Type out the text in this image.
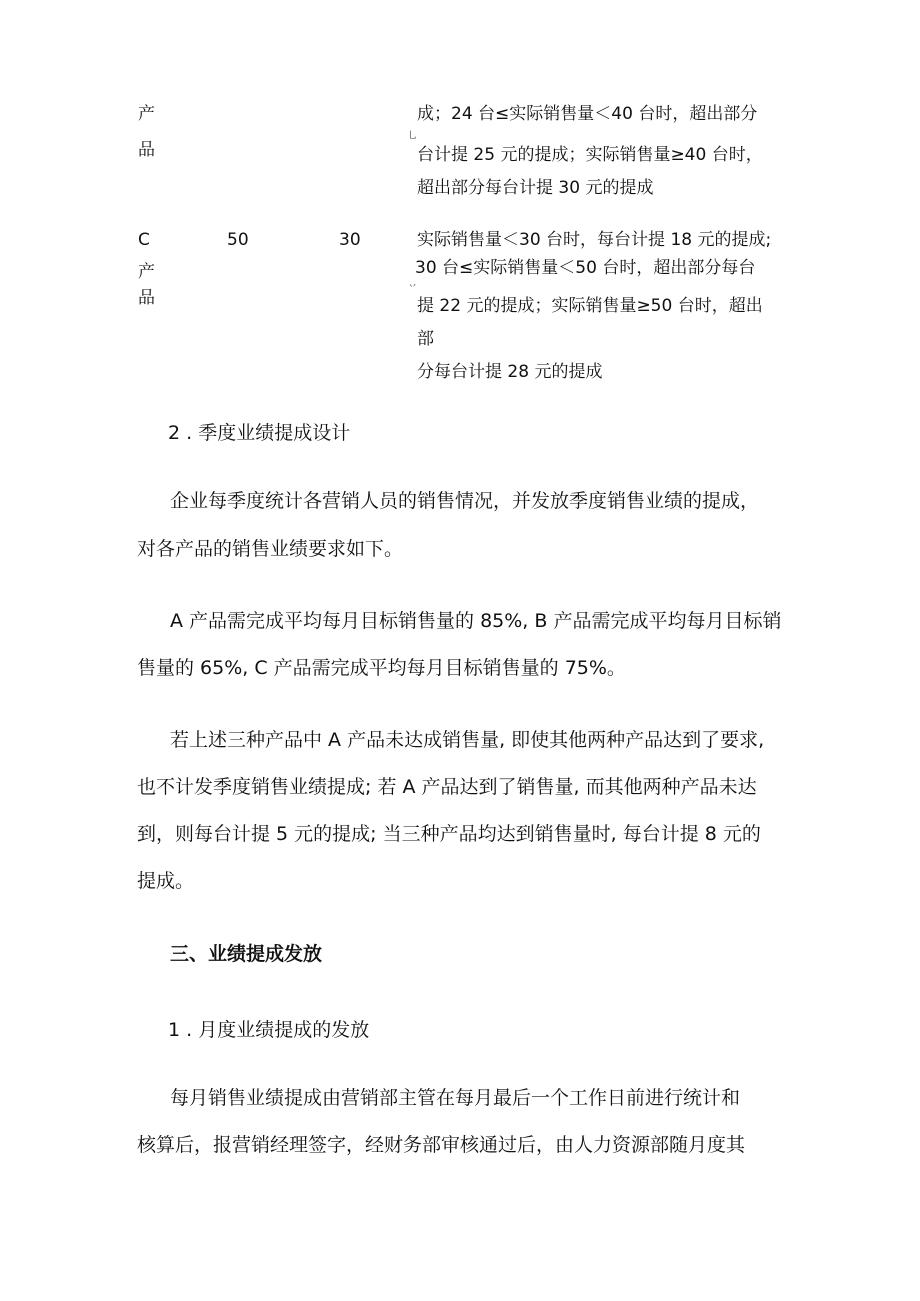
产
品
成；24 台≤实际销售量＜40 台时，超出部分
乚
台计提 25 元的提成；实际销售量≥40 台时，
超出部分每台计提 30 元的提成
C
产
品
50	30	实际销售量＜30 台时，每台计提 18 元的提成;
30 台≤实际销售量＜50 台时，超出部分每台
丷
提 22 元的提成；实际销售量≥50 台时，超出
部
分每台计提 28 元的提成
2 . 季度业绩提成设计
企业每季度统计各营销人员的销售情况，并发放季度销售业绩的提成，
对各产品的销售业绩要求如下。
A 产品需完成平均每月目标销售量的 85%, B 产品需完成平均每月目标销
售量的 65%, C 产品需完成平均每月目标销售量的 75%。
若上述三种产品中 A 产品未达成销售量, 即使其他两种产品达到了要求,
也不计发季度销售业绩提成; 若 A 产品达到了销售量, 而其他两种产品未达
到，则每台计提 5 元的提成; 当三种产品均达到销售量时, 每台计提 8 元的
提成。
三、业绩提成发放
1 . 月度业绩提成的发放
每月销售业绩提成由营销部主管在每月最后一个工作日前进行统计和
核算后，报营销经理签字，经财务部审核通过后，由人力资源部随月度其
